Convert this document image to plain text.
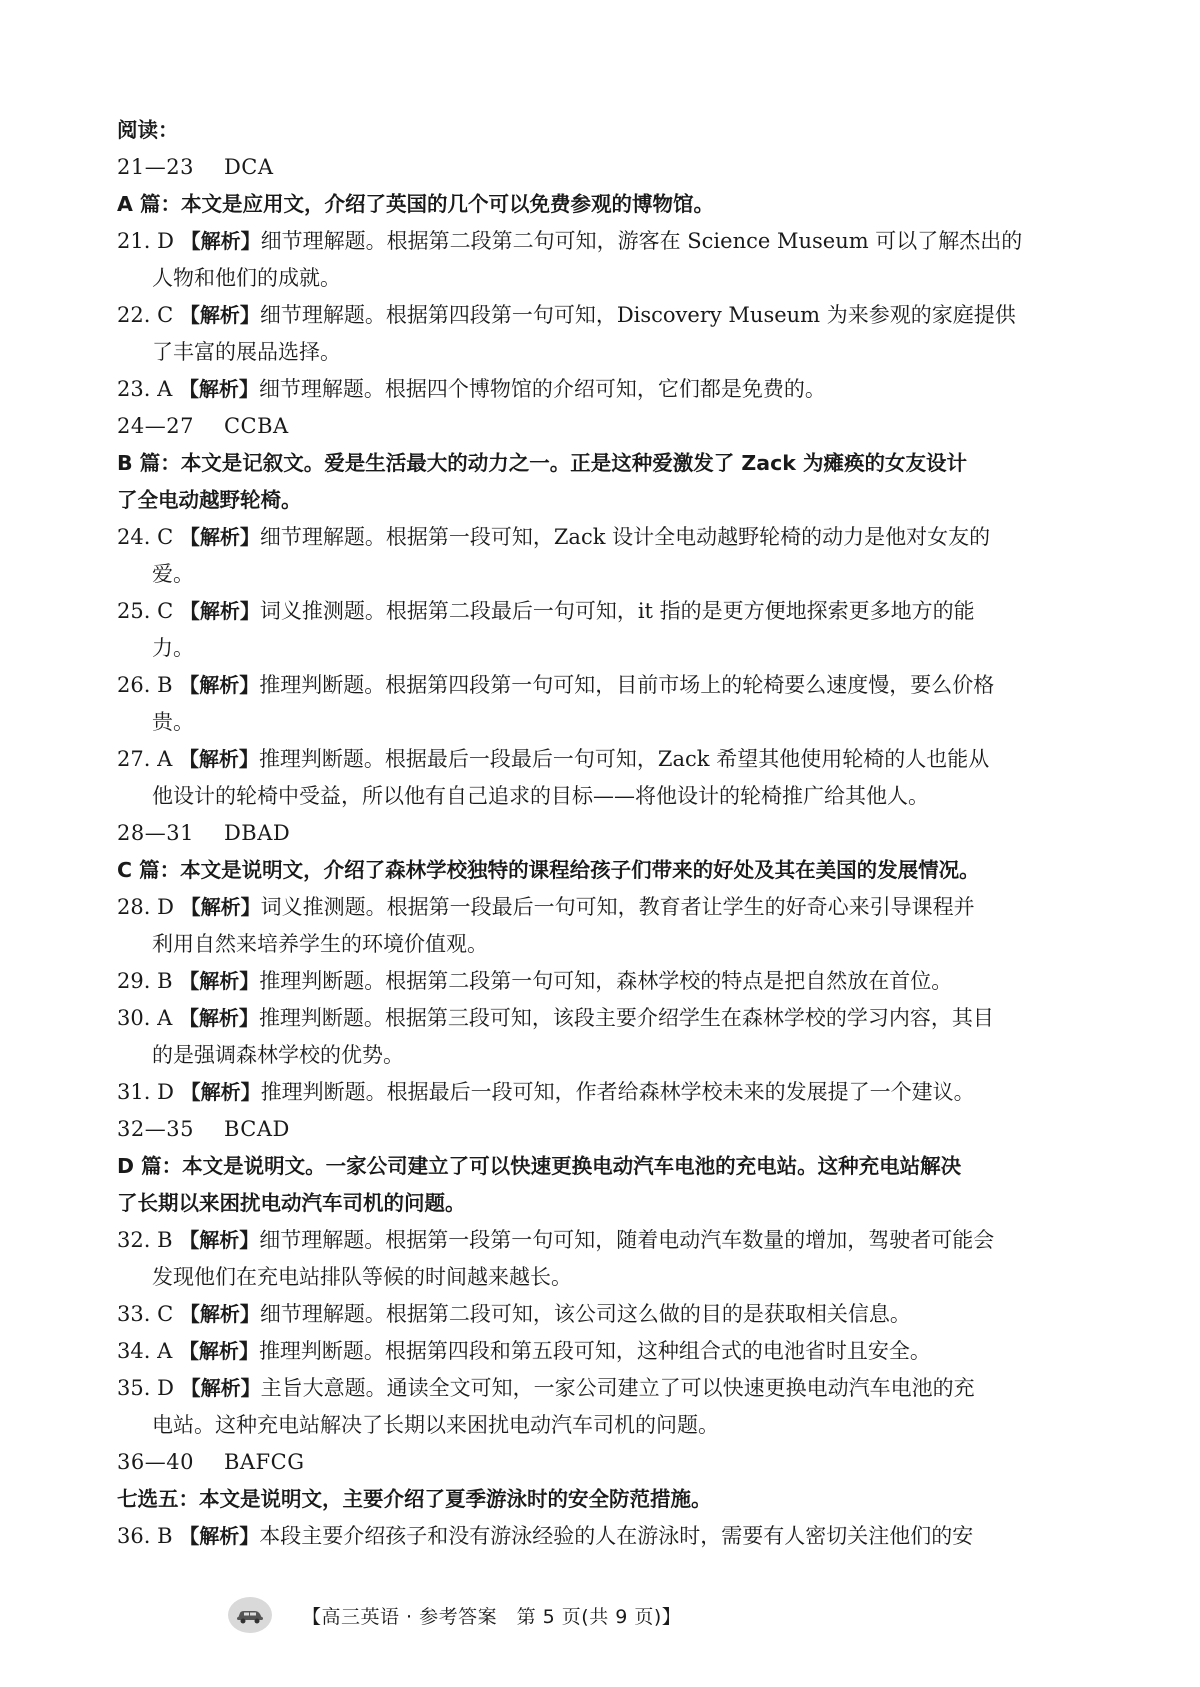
阅读：
21—23 DCA
A 篇：本文是应用文，介绍了英国的几个可以免费参观的博物馆。
21. D 【解析】细节理解题。根据第二段第二句可知，游客在 Science Museum 可以了解杰出的
人物和他们的成就。
22. C 【解析】细节理解题。根据第四段第一句可知，Discovery Museum 为来参观的家庭提供
了丰富的展品选择。
23. A 【解析】细节理解题。根据四个博物馆的介绍可知，它们都是免费的。
24—27 CCBA
B 篇：本文是记叙文。爱是生活最大的动力之一。正是这种爱激发了 Zack 为瘫痪的女友设计
了全电动越野轮椅。
24. C 【解析】细节理解题。根据第一段可知，Zack 设计全电动越野轮椅的动力是他对女友的
爱。
25. C 【解析】词义推测题。根据第二段最后一句可知，it 指的是更方便地探索更多地方的能
力。
26. B 【解析】推理判断题。根据第四段第一句可知，目前市场上的轮椅要么速度慢，要么价格
贵。
27. A 【解析】推理判断题。根据最后一段最后一句可知，Zack 希望其他使用轮椅的人也能从
他设计的轮椅中受益，所以他有自己追求的目标——将他设计的轮椅推广给其他人。
28—31 DBAD
C 篇：本文是说明文，介绍了森林学校独特的课程给孩子们带来的好处及其在美国的发展情况。
28. D 【解析】词义推测题。根据第一段最后一句可知，教育者让学生的好奇心来引导课程并
利用自然来培养学生的环境价值观。
29. B 【解析】推理判断题。根据第二段第一句可知，森林学校的特点是把自然放在首位。
30. A 【解析】推理判断题。根据第三段可知，该段主要介绍学生在森林学校的学习内容，其目
的是强调森林学校的优势。
31. D 【解析】推理判断题。根据最后一段可知，作者给森林学校未来的发展提了一个建议。
32—35 BCAD
D 篇：本文是说明文。一家公司建立了可以快速更换电动汽车电池的充电站。这种充电站解决
了长期以来困扰电动汽车司机的问题。
32. B 【解析】细节理解题。根据第一段第一句可知，随着电动汽车数量的增加，驾驶者可能会
发现他们在充电站排队等候的时间越来越长。
33. C 【解析】细节理解题。根据第二段可知，该公司这么做的目的是获取相关信息。
34. A 【解析】推理判断题。根据第四段和第五段可知，这种组合式的电池省时且安全。
35. D 【解析】主旨大意题。通读全文可知，一家公司建立了可以快速更换电动汽车电池的充
电站。这种充电站解决了长期以来困扰电动汽车司机的问题。
36—40 BAFCG
七选五：本文是说明文，主要介绍了夏季游泳时的安全防范措施。
36. B 【解析】本段主要介绍孩子和没有游泳经验的人在游泳时，需要有人密切关注他们的安
【高三英语 · 参考答案　第 5 页(共 9 页)】
